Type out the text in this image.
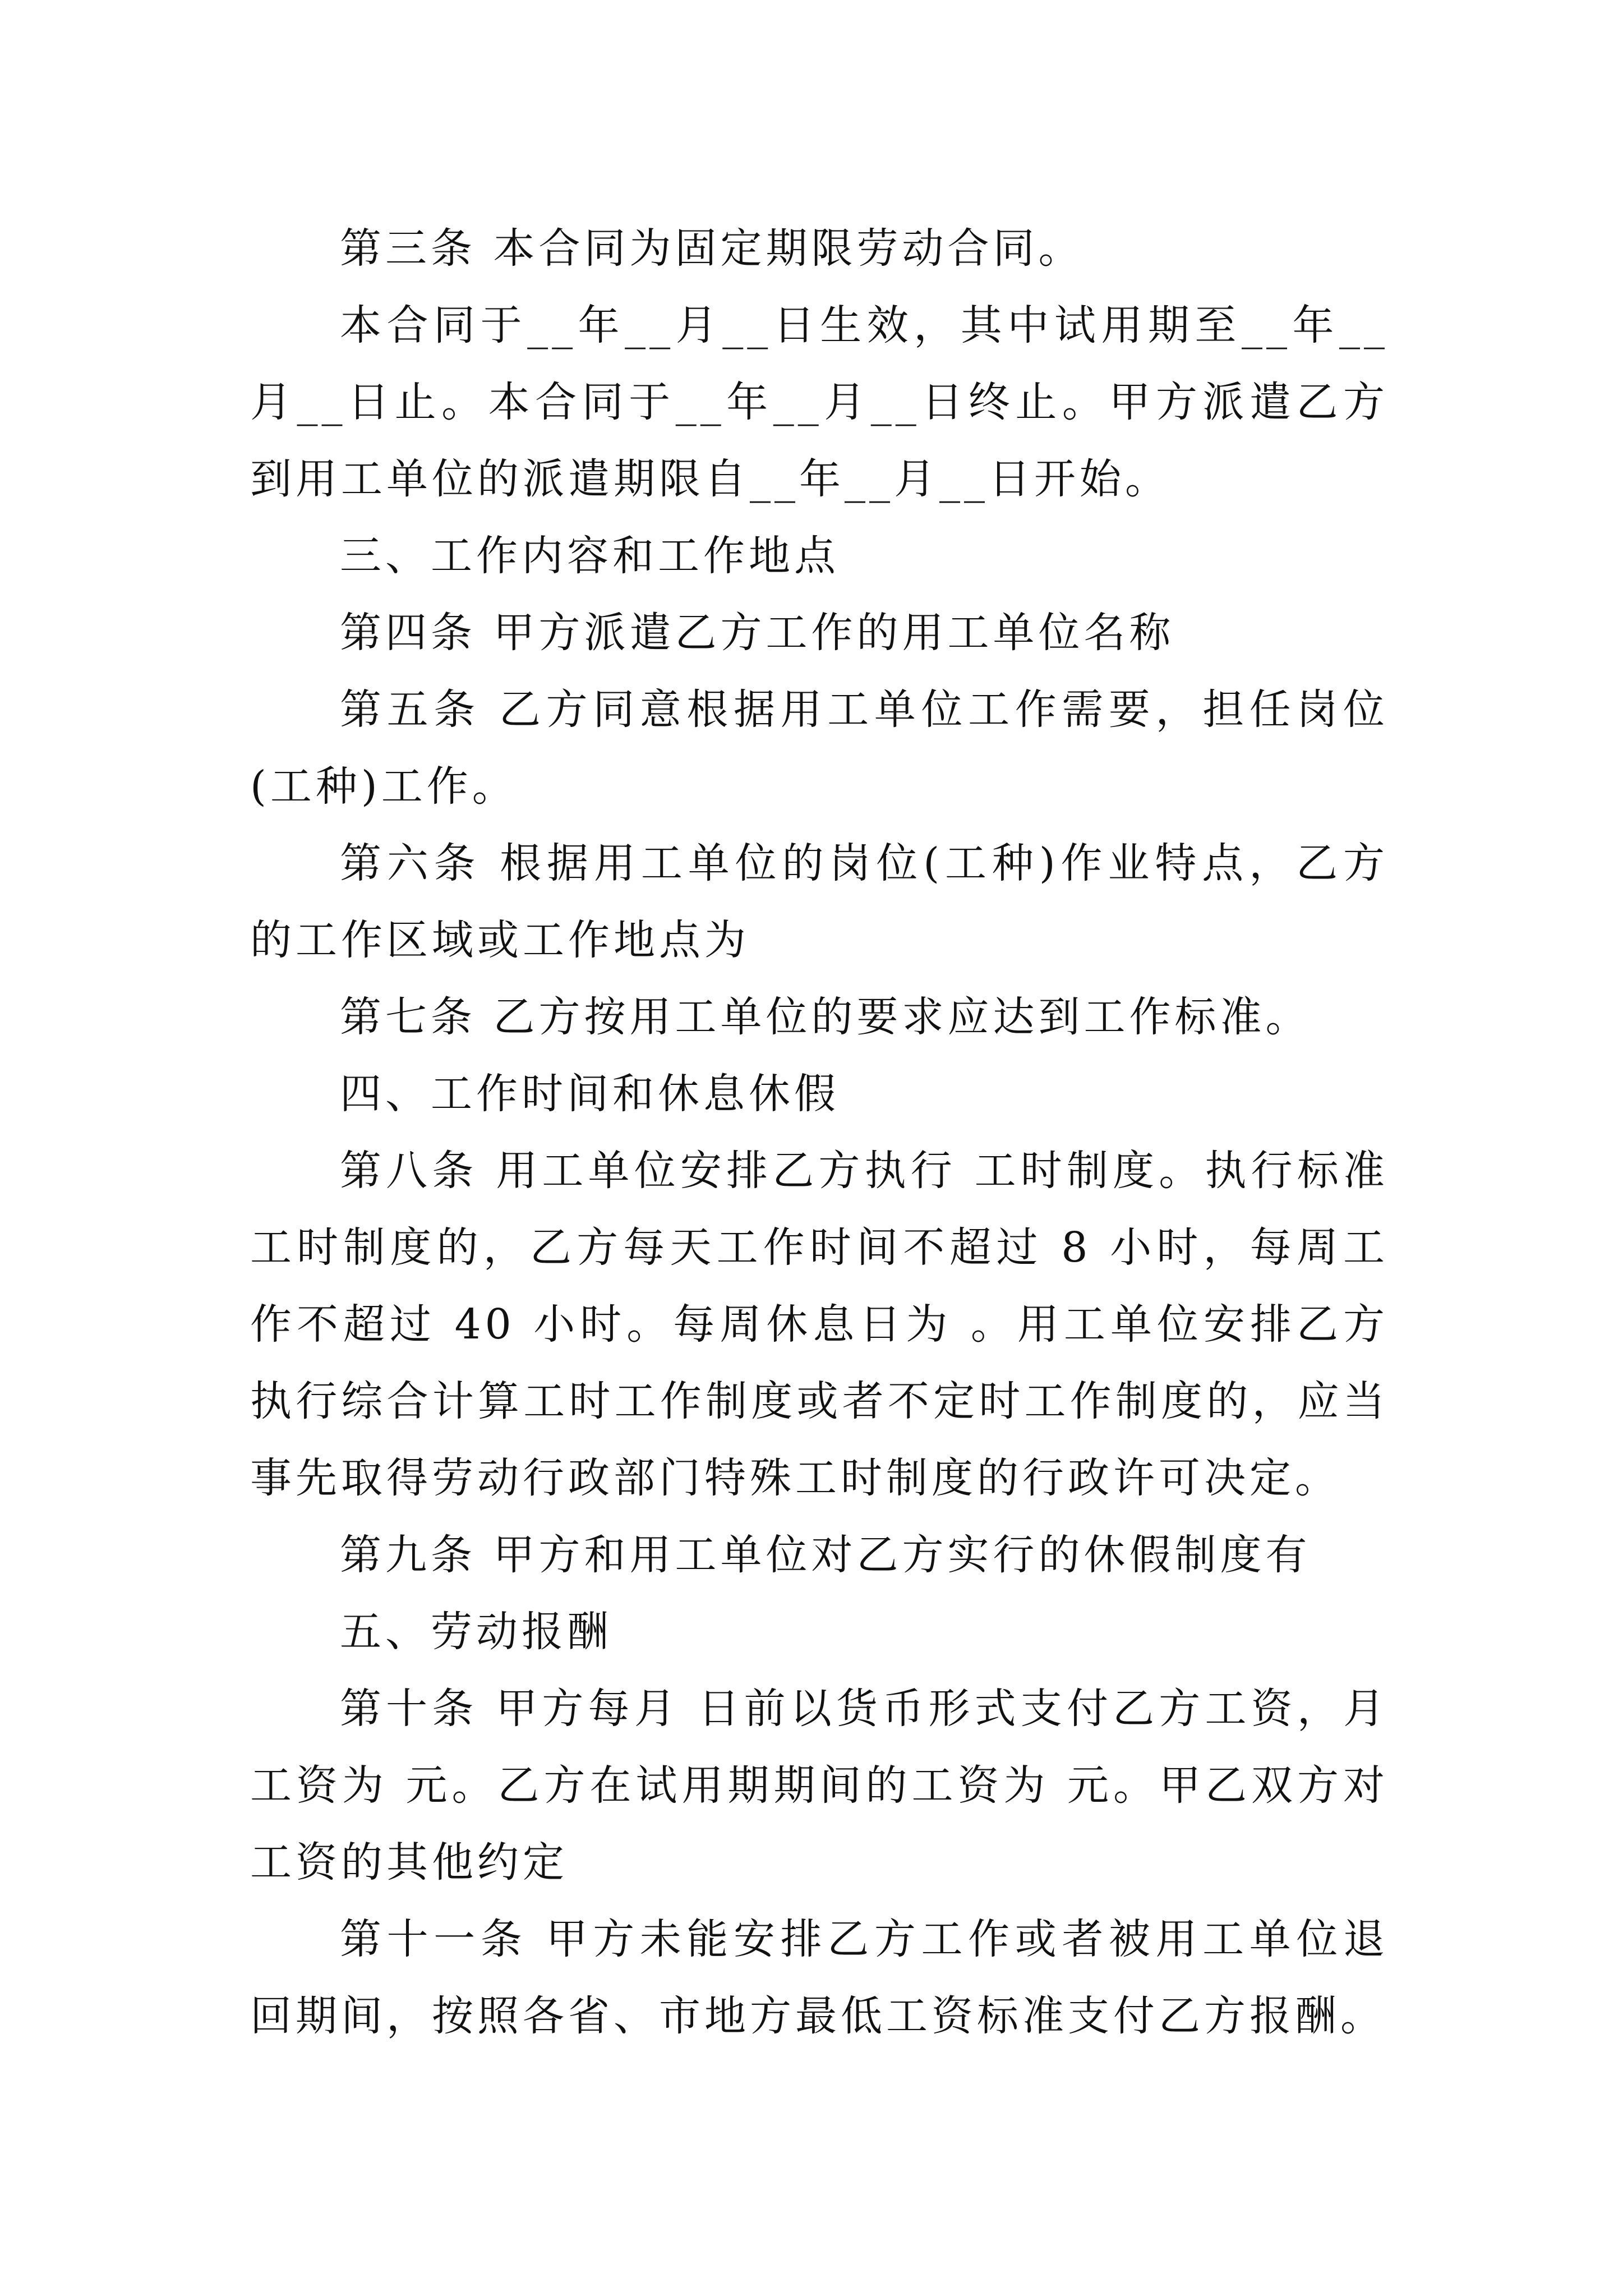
第三条 本合同为固定期限劳动合同。

本合同于__年__月__日生效，其中试用期至__年__月__日止。本合同于__年__月__日终止。甲方派遣乙方到用工单位的派遣期限自__年__月__日开始。

三、工作内容和工作地点

第四条 甲方派遣乙方工作的用工单位名称

第五条 乙方同意根据用工单位工作需要，担任岗位(工种)工作。

第六条 根据用工单位的岗位(工种)作业特点，乙方的工作区域或工作地点为

第七条 乙方按用工单位的要求应达到工作标准。

四、工作时间和休息休假

第八条 用工单位安排乙方执行 工时制度。执行标准工时制度的，乙方每天工作时间不超过 8 小时，每周工作不超过 40 小时。每周休息日为 。用工单位安排乙方执行综合计算工时工作制度或者不定时工作制度的，应当事先取得劳动行政部门特殊工时制度的行政许可决定。

第九条 甲方和用工单位对乙方实行的休假制度有

五、劳动报酬

第十条 甲方每月 日前以货币形式支付乙方工资，月工资为 元。乙方在试用期期间的工资为 元。甲乙双方对工资的其他约定

第十一条 甲方未能安排乙方工作或者被用工单位退回期间，按照各省、市地方最低工资标准支付乙方报酬。
